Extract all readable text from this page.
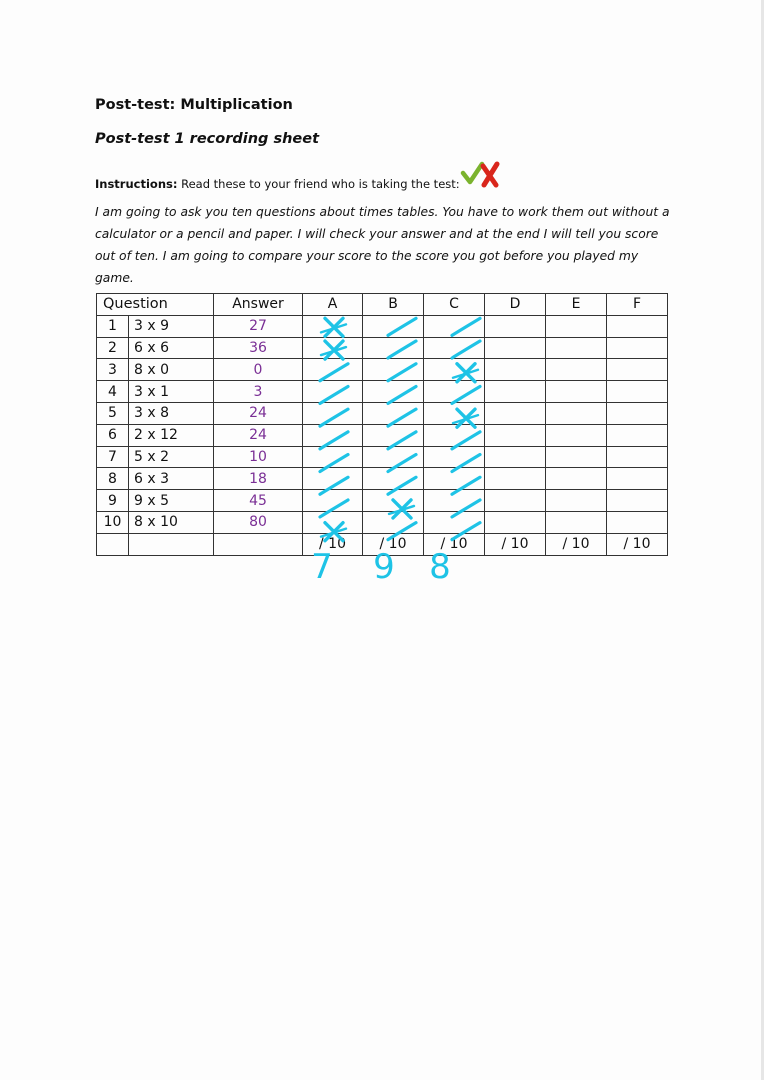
Post-test: Multiplication
Post-test 1 recording sheet
Instructions: Read these to your friend who is taking the test:
I am going to ask you ten questions about times tables. You have to work them out without a calculator or a pencil and paper. I will check your answer and at the end I will tell you score out of ten. I am going to compare your score to the score you got before you played my game.
Question		Answer	A	B	C	D	E	F
1	3 x 9	27						
2	6 x 6	36						
3	8 x 0	0						
4	3 x 1	3						
5	3 x 8	24						
6	2 x 12	24						
7	5 x 2	10						
8	6 x 3	18						
9	9 x 5	45						
10	8 x 10	80						
			/ 10	/ 10	/ 10	/ 10	/ 10	/ 10
7 9 8
